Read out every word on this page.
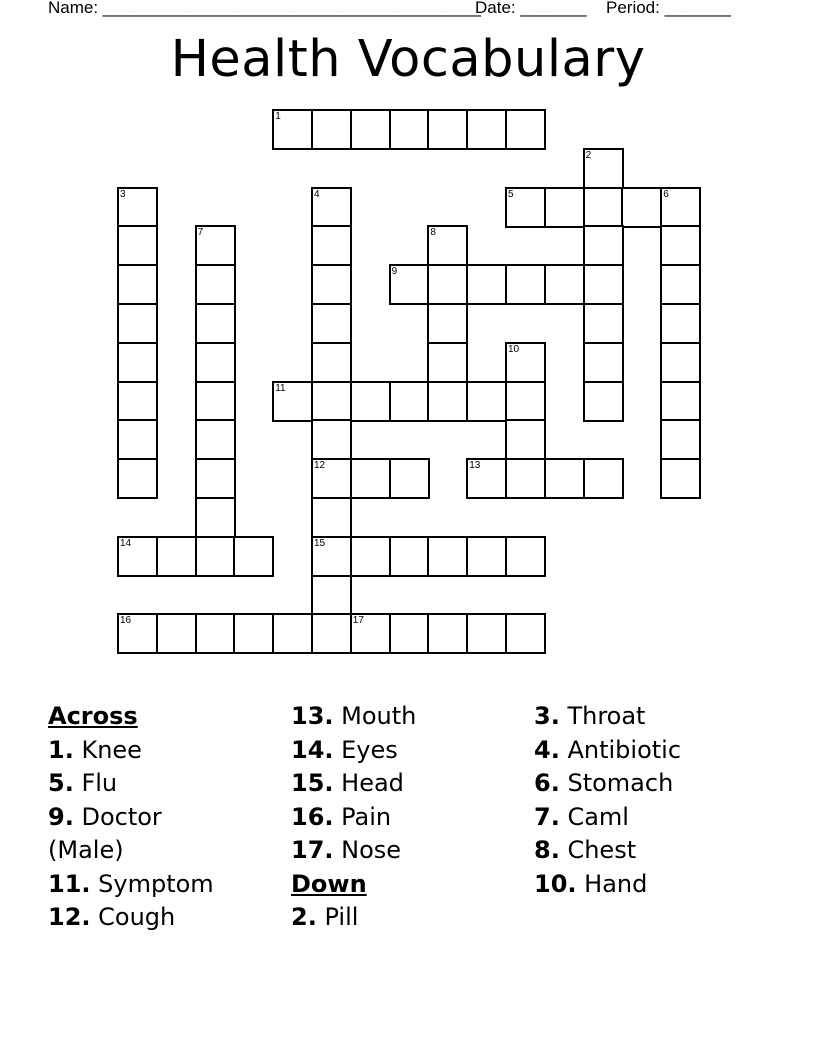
Name: ________________________________________
Date: _______ Period: _______
Health Vocabulary
1
2
3	4	5	6
7	8
9
10
11
12	13
14	15
16	17
Across
1. Knee
5. Flu
9. Doctor
(Male)
11. Symptom
12. Cough
13. Mouth
14. Eyes
15. Head
16. Pain
17. Nose
Down
2. Pill
3. Throat
4. Antibiotic
6. Stomach
7. Caml
8. Chest
10. Hand
